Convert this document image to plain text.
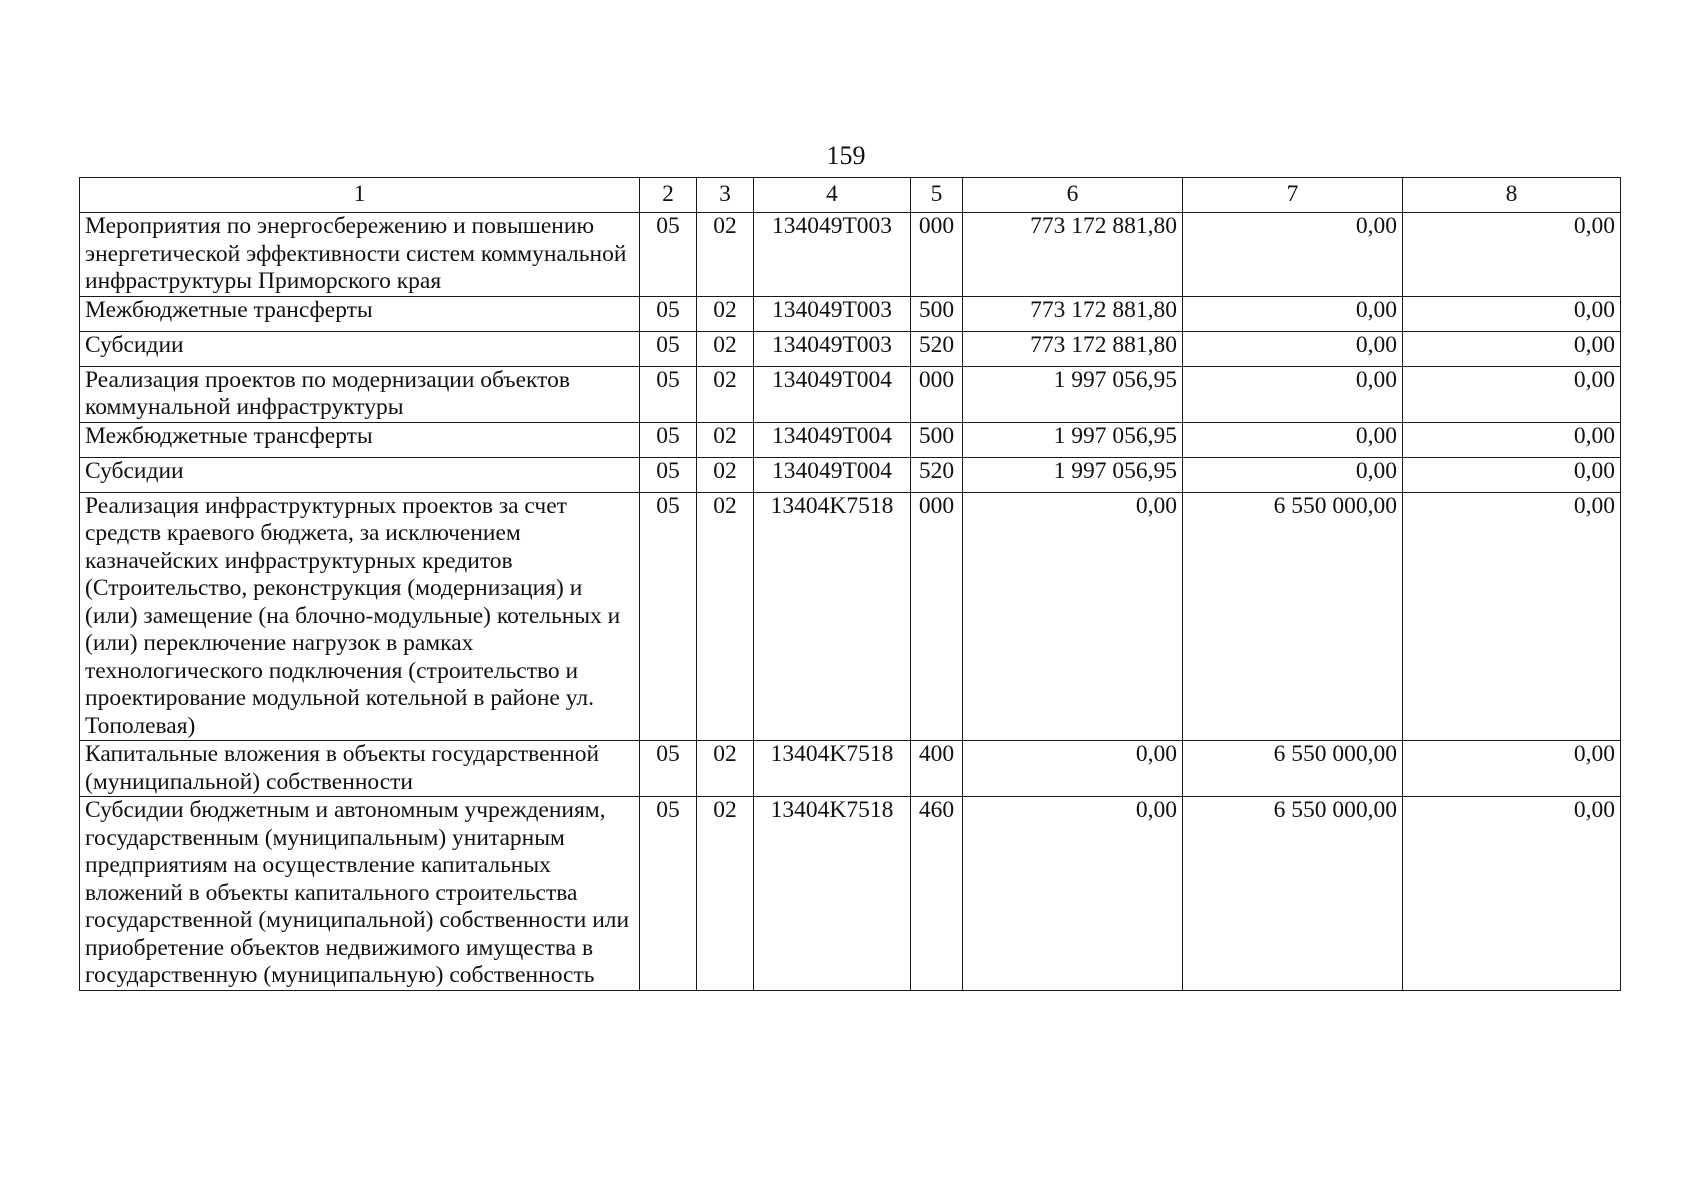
159
1	2	3	4	5	6	7	8
Мероприятия по энергосбережению и повышению энергетической эффективности систем коммунальной инфраструктуры Приморского края	05	02	134049T003	000	773 172 881,80	0,00	0,00
Межбюджетные трансферты	05	02	134049T003	500	773 172 881,80	0,00	0,00
Субсидии	05	02	134049T003	520	773 172 881,80	0,00	0,00
Реализация проектов по модернизации объектов коммунальной инфраструктуры	05	02	134049T004	000	1 997 056,95	0,00	0,00
Межбюджетные трансферты	05	02	134049T004	500	1 997 056,95	0,00	0,00
Субсидии	05	02	134049T004	520	1 997 056,95	0,00	0,00
Реализация инфраструктурных проектов за счет средств краевого бюджета, за исключением казначейских инфраструктурных кредитов (Строительство, реконструкция (модернизация) и (или) замещение (на блочно-модульные) котельных и (или) переключение нагрузок в рамках технологического подключения (строительство и проектирование модульной котельной в районе ул. Тополевая)	05	02	13404K7518	000	0,00	6 550 000,00	0,00
Капитальные вложения в объекты государственной (муниципальной) собственности	05	02	13404K7518	400	0,00	6 550 000,00	0,00
Субсидии бюджетным и автономным учреждениям, государственным (муниципальным) унитарным предприятиям на осуществление капитальных вложений в объекты капитального строительства государственной (муниципальной) собственности или приобретение объектов недвижимого имущества в государственную (муниципальную) собственность	05	02	13404K7518	460	0,00	6 550 000,00	0,00
